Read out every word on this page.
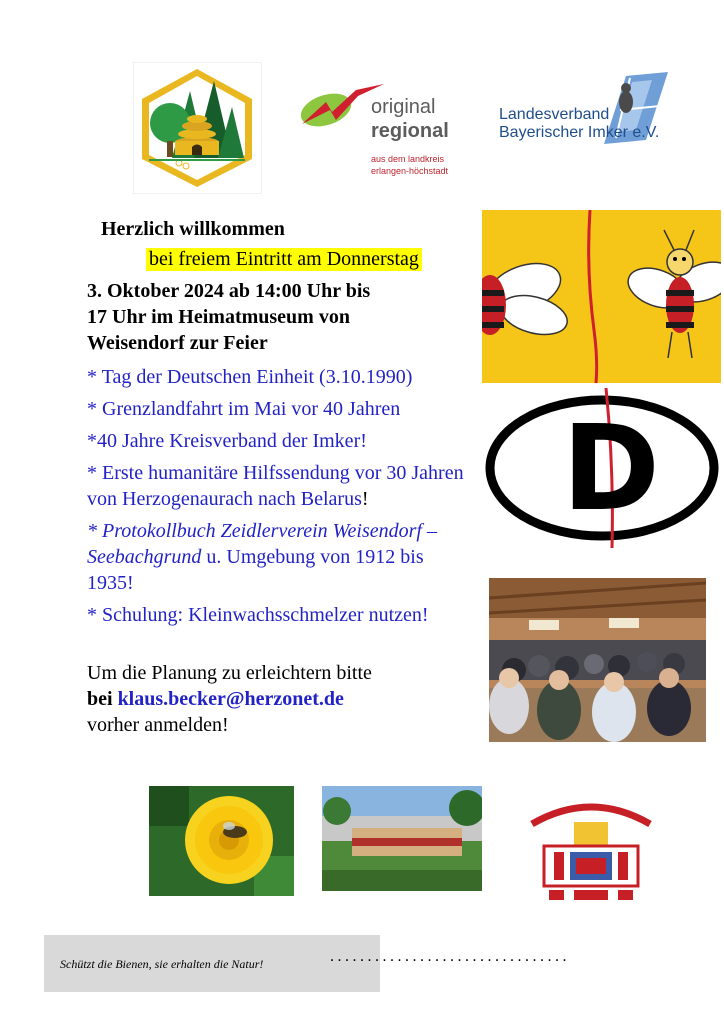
original
regional
aus dem landkreis
erlangen-höchstadt
Landesverband
Bayerischer Imker e.V.
Herzlich willkommen
bei freiem Eintritt am Donnerstag
3. Oktober 2024 ab 14:00 Uhr bis
17 Uhr im Heimatmuseum von
Weisendorf zur Feier
* Tag der Deutschen Einheit (3.10.1990)
* Grenzlandfahrt im Mai vor 40 Jahren
*40 Jahre Kreisverband der Imker!
* Erste humanitäre Hilfssendung vor 30 Jahren von Herzogenaurach nach Belarus!
* Protokollbuch Zeidlerverein Weisendorf – Seebachgrund u. Umgebung von 1912 bis 1935!
* Schulung: Kleinwachsschmelzer nutzen!
Um die Planung zu erleichtern bitte
bei klaus.becker@herzonet.de
vorher anmelden!
D
Schützt die Bienen, sie erhalten die Natur!	................................
